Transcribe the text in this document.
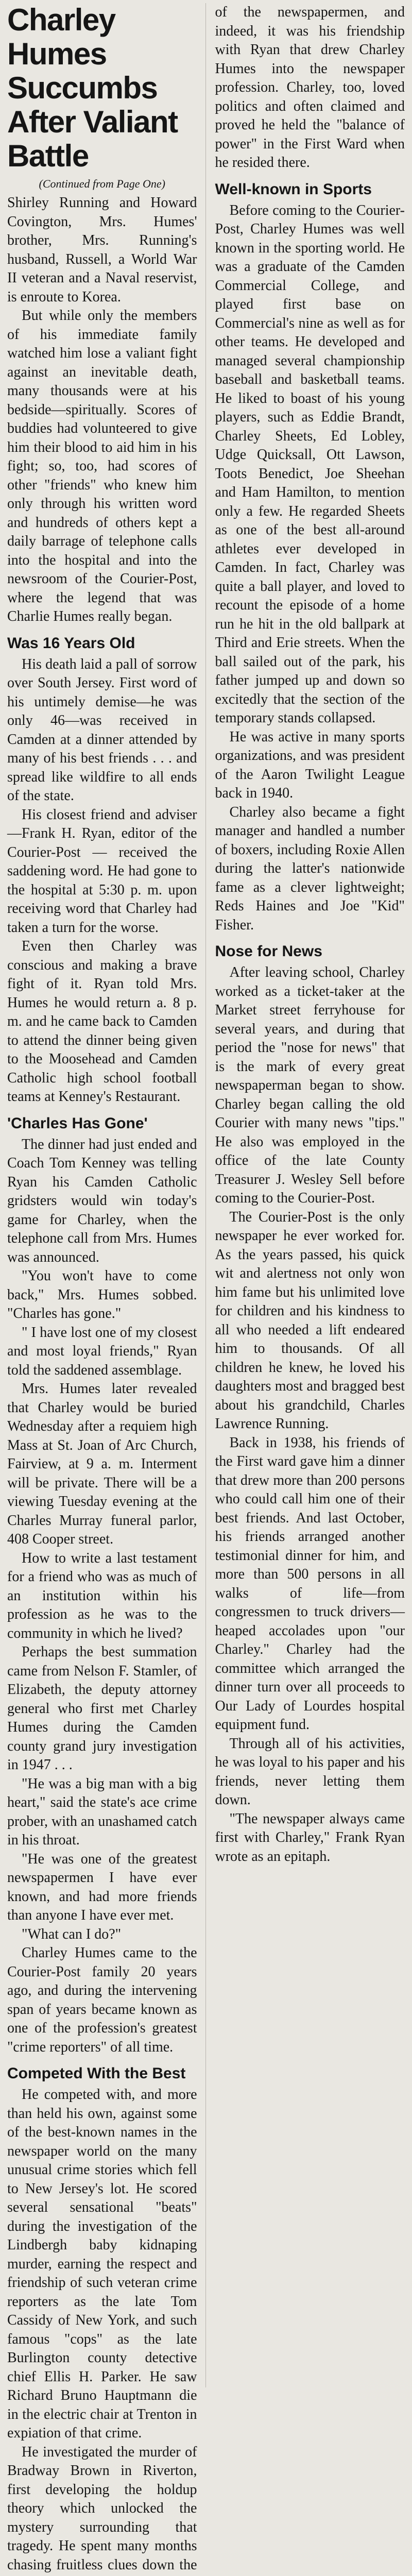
Charley Humes Succumbs After Valiant Battle
(Continued from Page One)

Shirley Running and Howard Covington, Mrs. Humes' brother, Mrs. Running's husband, Russell, a World War II veteran and a Naval reservist, is enroute to Korea.

But while only the members of his immediate family watched him lose a valiant fight against an inevitable death, many thousands were at his bedside—spiritually. Scores of buddies had volunteered to give him their blood to aid him in his fight; so, too, had scores of other "friends" who knew him only through his written word and hundreds of others kept a daily barrage of telephone calls into the hospital and into the newsroom of the Courier-Post, where the legend that was Charlie Humes really began.

Was 16 Years Old

His death laid a pall of sorrow over South Jersey. First word of his untimely demise—he was only 46—was received in Camden at a dinner attended by many of his best friends . . . and spread like wildfire to all ends of the state.

His closest friend and adviser—Frank H. Ryan, editor of the Courier-Post — received the saddening word. He had gone to the hospital at 5:30 p. m. upon receiving word that Charley had taken a turn for the worse.

Even then Charley was conscious and making a brave fight of it. Ryan told Mrs. Humes he would return a. 8 p. m. and he came back to Camden to attend the dinner being given to the Moosehead and Camden Catholic high school football teams at Kenney's Restaurant.

'Charles Has Gone'

The dinner had just ended and Coach Tom Kenney was telling Ryan his Camden Catholic gridsters would win today's game for Charley, when the telephone call from Mrs. Humes was announced.

"You won't have to come back," Mrs. Humes sobbed. "Charles has gone."

" I have lost one of my closest and most loyal friends," Ryan told the saddened assemblage.

Mrs. Humes later revealed that Charley would be buried Wednesday after a requiem high Mass at St. Joan of Arc Church, Fairview, at 9 a. m. Interment will be private. There will be a viewing Tuesday evening at the Charles Murray funeral parlor, 408 Cooper street.

How to write a last testament for a friend who was as much of an institution within his profession as he was to the community in which he lived?

Perhaps the best summation came from Nelson F. Stamler, of Elizabeth, the deputy attorney general who first met Charley Humes during the Camden county grand jury investigation in 1947 . . .

"He was a big man with a big heart," said the state's ace crime prober, with an unashamed catch in his throat.

"He was one of the greatest newspapermen I have ever known, and had more friends than anyone I have ever met.

"What can I do?"

Charley Humes came to the Courier-Post family 20 years ago, and during the intervening span of years became known as one of the profession's greatest "crime reporters" of all time.

Competed With the Best

He competed with, and more than held his own, against some of the best-known names in the newspaper world on the many unusual crime stories which fell to New Jersey's lot. He scored several sensational "beats" during the investigation of the Lindbergh baby kidnaping murder, earning the respect and friendship of such veteran crime reporters as the late Tom Cassidy of New York, and such famous "cops" as the late Burlington county detective chief Ellis H. Parker. He saw Richard Bruno Hauptmann die in the electric chair at Trenton in expiation of that crime.

He investigated the murder of Bradway Brown in Riverton, first developing the holdup theory which unlocked the mystery surrounding that tragedy. He spent many months chasing fruitless clues down the

of the newspapermen, and indeed, it was his friendship with Ryan that drew Charley Humes into the newspaper profession. Charley, too, loved politics and often claimed and proved he held the "balance of power" in the First Ward when he resided there.

Well-known in Sports

Before coming to the Courier-Post, Charley Humes was well known in the sporting world. He was a graduate of the Camden Commercial College, and played first base on Commercial's nine as well as for other teams. He developed and managed several championship baseball and basketball teams. He liked to boast of his young players, such as Eddie Brandt, Charley Sheets, Ed Lobley, Udge Quicksall, Ott Lawson, Toots Benedict, Joe Sheehan and Ham Hamilton, to mention only a few. He regarded Sheets as one of the best all-around athletes ever developed in Camden. In fact, Charley was quite a ball player, and loved to recount the episode of a home run he hit in the old ballpark at Third and Erie streets. When the ball sailed out of the park, his father jumped up and down so excitedly that the section of the temporary stands collapsed.

He was active in many sports organizations, and was president of the Aaron Twilight League back in 1940.

Charley also became a fight manager and handled a number of boxers, including Roxie Allen during the latter's nationwide fame as a clever lightweight; Reds Haines and Joe "Kid" Fisher.

Nose for News

After leaving school, Charley worked as a ticket-taker at the Market street ferryhouse for several years, and during that period the "nose for news" that is the mark of every great newspaperman began to show. Charley began calling the old Courier with many news "tips." He also was employed in the office of the late County Treasurer J. Wesley Sell before coming to the Courier-Post.

The Courier-Post is the only newspaper he ever worked for. As the years passed, his quick wit and alertness not only won him fame but his unlimited love for children and his kindness to all who needed a lift endeared him to thousands. Of all children he knew, he loved his daughters most and bragged best about his grandchild, Charles Lawrence Running.

Back in 1938, his friends of the First ward gave him a dinner that drew more than 200 persons who could call him one of their best friends. And last October, his friends arranged another testimonial dinner for him, and more than 500 persons in all walks of life—from congressmen to truck drivers—heaped accolades upon "our Charley." Charley had the committee which arranged the dinner turn over all proceeds to Our Lady of Lourdes hospital equipment fund.

Through all of his activities, he was loyal to his paper and his friends, never letting them down.

"The newspaper always came first with Charley," Frank Ryan wrote as an epitaph.
